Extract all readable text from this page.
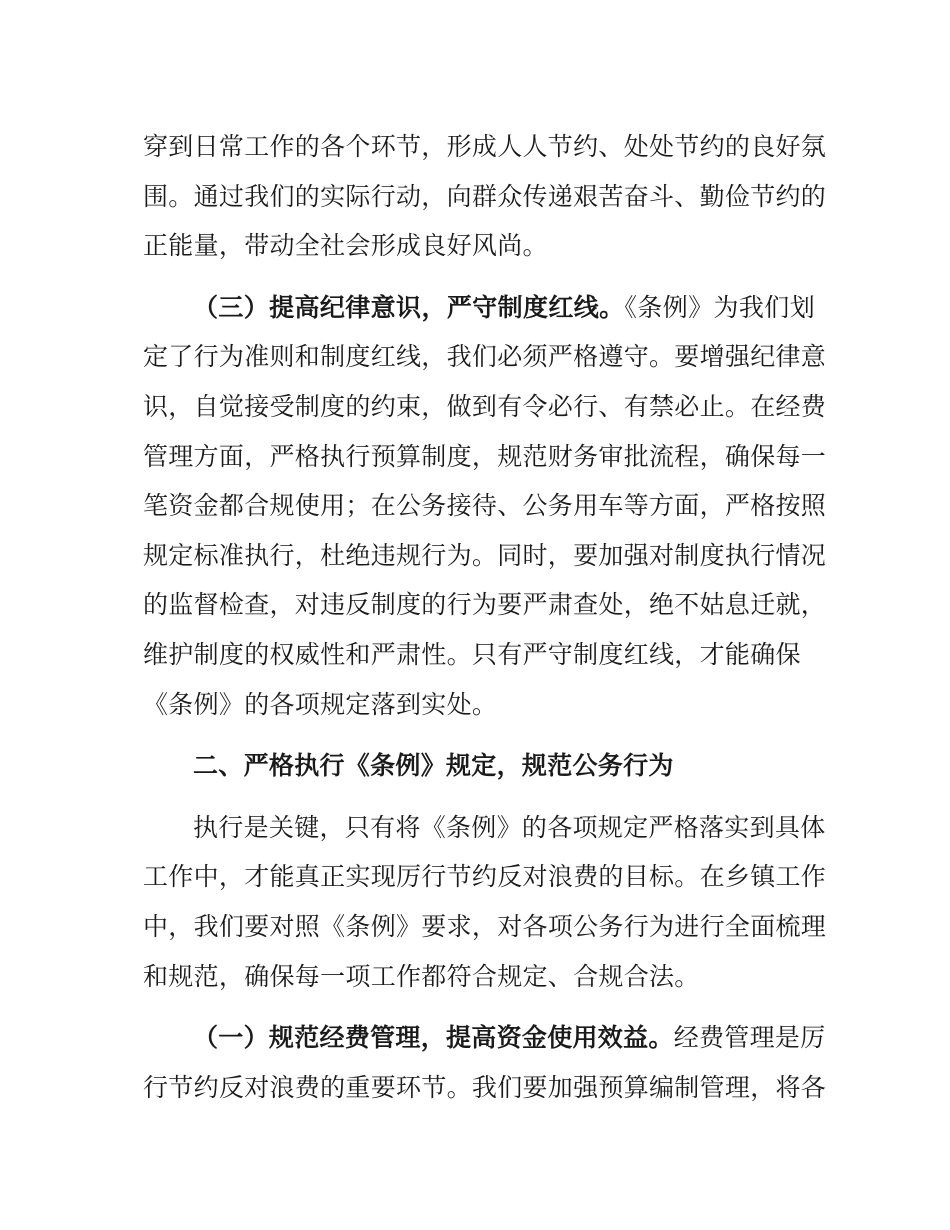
穿到日常工作的各个环节，形成人人节约、处处节约的良好氛
围。通过我们的实际行动，向群众传递艰苦奋斗、勤俭节约的
正能量，带动全社会形成良好风尚。
（三）提高纪律意识，严守制度红线。《条例》为我们划
定了行为准则和制度红线，我们必须严格遵守。要增强纪律意
识，自觉接受制度的约束，做到有令必行、有禁必止。在经费
管理方面，严格执行预算制度，规范财务审批流程，确保每一
笔资金都合规使用；在公务接待、公务用车等方面，严格按照
规定标准执行，杜绝违规行为。同时，要加强对制度执行情况
的监督检查，对违反制度的行为要严肃查处，绝不姑息迁就，
维护制度的权威性和严肃性。只有严守制度红线，才能确保
《条例》的各项规定落到实处。
二、严格执行《条例》规定，规范公务行为
执行是关键，只有将《条例》的各项规定严格落实到具体
工作中，才能真正实现厉行节约反对浪费的目标。在乡镇工作
中，我们要对照《条例》要求，对各项公务行为进行全面梳理
和规范，确保每一项工作都符合规定、合规合法。
（一）规范经费管理，提高资金使用效益。经费管理是厉
行节约反对浪费的重要环节。我们要加强预算编制管理，将各
